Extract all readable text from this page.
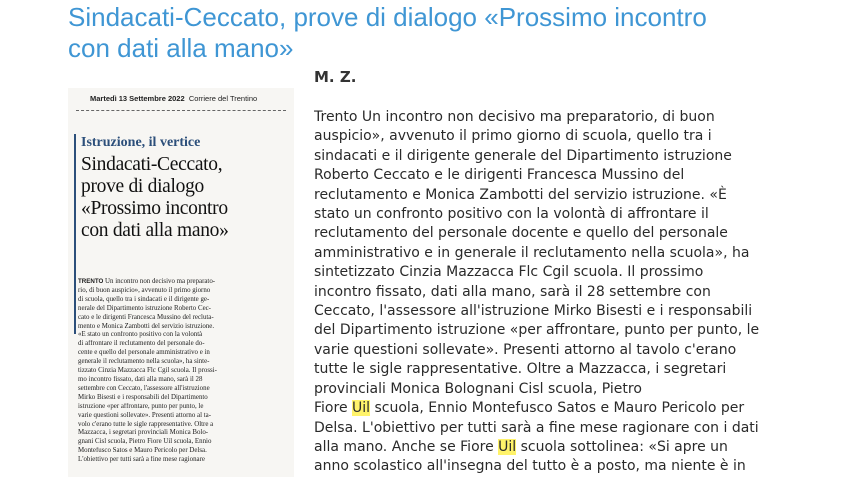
Sindacati-Ceccato, prove di dialogo «Prossimo incontro
con dati alla mano»
Martedì 13 Settembre 2022 Corriere del Trentino
Istruzione, il vertice
Sindacati-Ceccato,
prove di dialogo
«Prossimo incontro
con dati alla mano»
TRENTO Un incontro non decisivo ma preparato-
rio, di buon auspicio», avvenuto il primo giorno
di scuola, quello tra i sindacati e il dirigente ge-
nerale del Dipartimento istruzione Roberto Cec-
cato e le dirigenti Francesca Mussino del recluta-
mento e Monica Zambotti del servizio istruzione.
«È stato un confronto positivo con la volontà
di affrontare il reclutamento del personale do-
cente e quello del personale amministrativo e in
generale il reclutamento nella scuola», ha sinte-
tizzato Cinzia Mazzacca Flc Cgil scuola. Il prossi-
mo incontro fissato, dati alla mano, sarà il 28
settembre con Ceccato, l'assessore all'istruzione
Mirko Bisesti e i responsabili del Dipartimento
istruzione «per affrontare, punto per punto, le
varie questioni sollevate». Presenti attorno al ta-
volo c'erano tutte le sigle rappresentative. Oltre a
Mazzacca, i segretari provinciali Monica Bolo-
gnani Cisl scuola, Pietro Fiore Uil scuola, Ennio
Montefusco Satos e Mauro Pericolo per Delsa.
L'obiettivo per tutti sarà a fine mese ragionare
M. Z.
Trento Un incontro non decisivo ma preparatorio, di buon
auspicio», avvenuto il primo giorno di scuola, quello tra i
sindacati e il dirigente generale del Dipartimento istruzione
Roberto Ceccato e le dirigenti Francesca Mussino del
reclutamento e Monica Zambotti del servizio istruzione. «È
stato un confronto positivo con la volontà di affrontare il
reclutamento del personale docente e quello del personale
amministrativo e in generale il reclutamento nella scuola», ha
sintetizzato Cinzia Mazzacca Flc Cgil scuola. Il prossimo
incontro fissato, dati alla mano, sarà il 28 settembre con
Ceccato, l'assessore all'istruzione Mirko Bisesti e i responsabili
del Dipartimento istruzione «per affrontare, punto per punto, le
varie questioni sollevate». Presenti attorno al tavolo c'erano
tutte le sigle rappresentative. Oltre a Mazzacca, i segretari
provinciali Monica Bolognani Cisl scuola, Pietro
Fiore Uil scuola, Ennio Montefusco Satos e Mauro Pericolo per
Delsa. L'obiettivo per tutti sarà a fine mese ragionare con i dati
alla mano. Anche se Fiore Uil scuola sottolinea: «Si apre un
anno scolastico all'insegna del tutto è a posto, ma niente è in
